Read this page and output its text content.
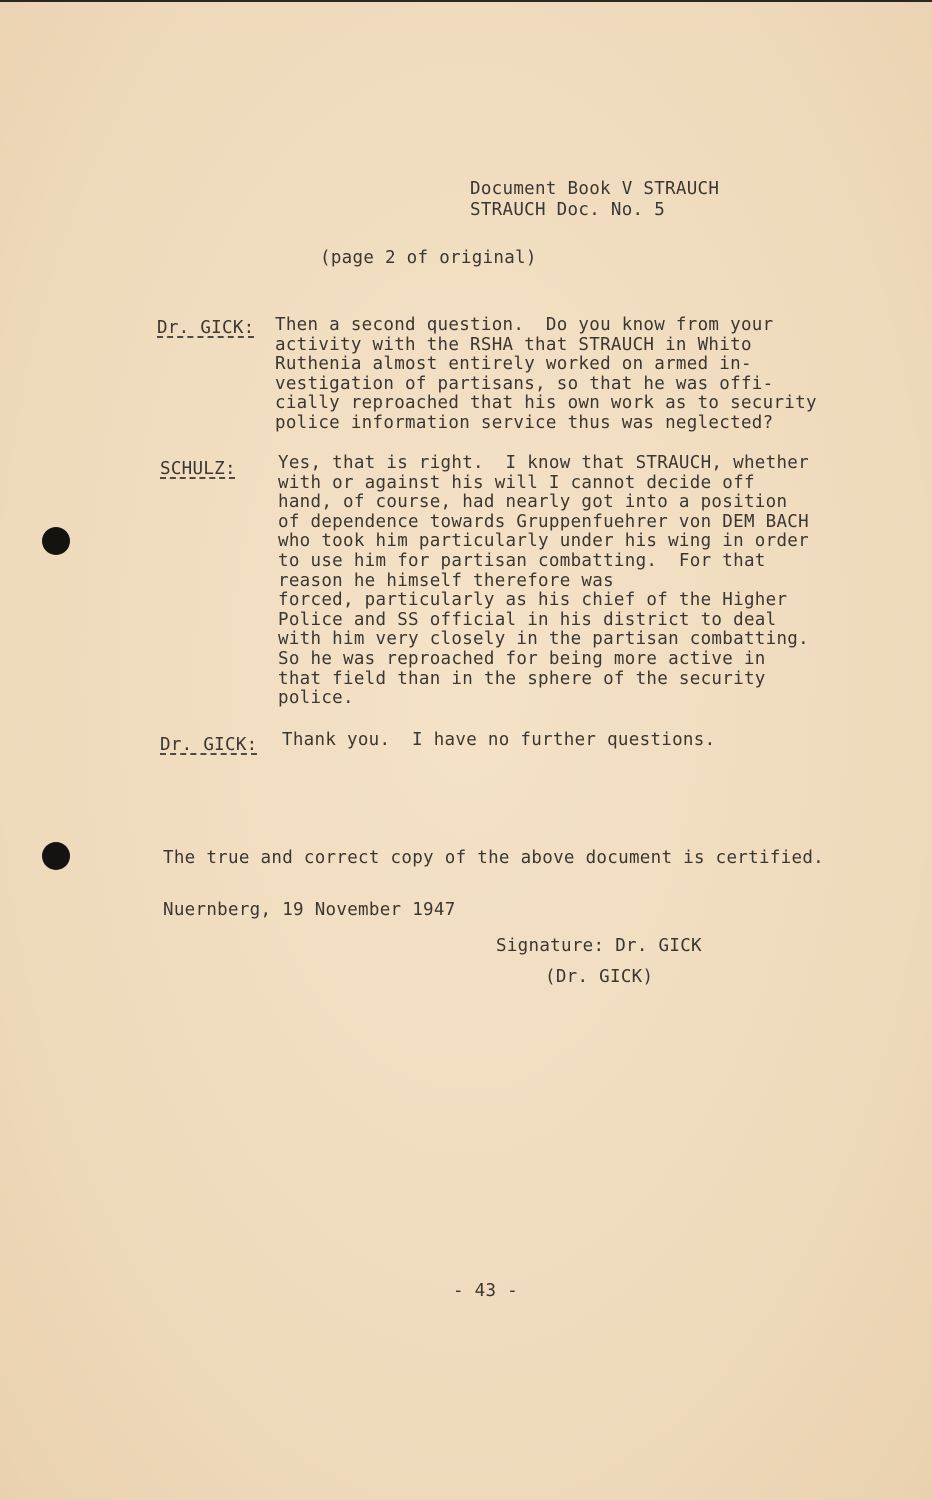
Document Book V STRAUCH
STRAUCH Doc. No. 5
(page 2 of original)
Dr. GICK: Then a second question.  Do you know from your
activity with the RSHA that STRAUCH in Whito
Ruthenia almost entirely worked on armed in-
vestigation of partisans, so that he was offi-
cially reproached that his own work as to security
police information service thus was neglected?
SCHULZ: Yes, that is right.  I know that STRAUCH, whether
with or against his will I cannot decide off
hand, of course, had nearly got into a position
of dependence towards Gruppenfuehrer von DEM BACH
who took him particularly under his wing in order
to use him for partisan combatting.  For that
reason he himself therefore was
forced, particularly as his chief of the Higher
Police and SS official in his district to deal
with him very closely in the partisan combatting.
So he was reproached for being more active in
that field than in the sphere of the security
police.
Dr. GICK: Thank you.  I have no further questions.
The true and correct copy of the above document is certified.
Nuernberg, 19 November 1947
Signature: Dr. GICK
(Dr. GICK)
- 43 -
